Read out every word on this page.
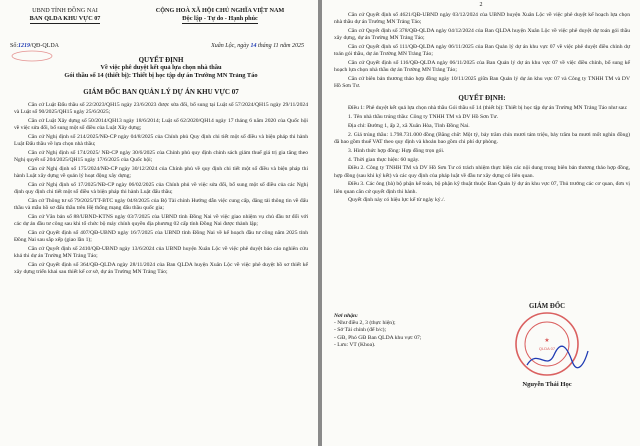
UBND TỈNH ĐỒNG NAI
BAN QLDA KHU VỰC 07
CỘNG HOÀ XÃ HỘI CHỦ NGHĨA VIỆT NAM
Độc lập - Tự do - Hạnh phúc
Số:1219/QĐ-QLDA	Xuân Lộc, ngày 14 tháng 11 năm 2025
QUYẾT ĐỊNH
Về việc phê duyệt kết quả lựa chọn nhà thầu
Gói thầu số 14 (thiết bị): Thiết bị học tập dự án Trường MN Trảng Táo
GIÁM ĐỐC BAN QUẢN LÝ DỰ ÁN KHU VỰC 07

Căn cứ Luật Đấu thầu số 22/2023/QH15 ngày 23/6/2023 được sửa đổi, bổ sung tại Luật số 57/2024/QH15 ngày 29/11/2024 và Luật số 90/2025/QH15 ngày 25/6/2025;

Căn cứ Luật Xây dựng số 50/2014/QH13 ngày 18/6/2014; Luật số 62/2020/QH14 ngày 17 tháng 6 năm 2020 của Quốc hội về việc sửa đổi, bổ sung một số điều của Luật Xây dựng;

Căn cứ Nghị định số 214/2025/NĐ-CP ngày 04/8/2025 của Chính phủ Quy định chi tiết một số điều và biện pháp thi hành Luật Đấu thầu về lựa chọn nhà thầu;

Căn cứ Nghị định số 174/2025/ NĐ-CP ngày 30/6/2025 của Chính phủ quy định chính sách giảm thuế giá trị gia tăng theo Nghị quyết số 204/2025/QH15 ngày 17/6/2025 của Quốc hội;

Căn cứ Nghị định số 175/2024/NĐ-CP ngày 30/12/2024 của Chính phủ về quy định chi tiết một số điều và biện pháp thi hành Luật xây dựng về quản lý hoạt động xây dựng;

Căn cứ Nghị định số 17/2025/NĐ-CP ngày 06/02/2025 của Chính phủ về việc sửa đổi, bổ sung một số điều của các Nghị định quy định chi tiết một số điều và biện pháp thi hành Luật đấu thầu;

Căn cứ Thông tư số 79/2025/TT-BTC ngày 04/8/2025 của Bộ Tài chính Hướng dẫn việc cung cấp, đăng tải thông tin về đấu thầu và mẫu hồ sơ đấu thầu trên Hệ thống mạng đấu thầu quốc gia;

Căn cứ Văn bản số 88/UBND-KTNS ngày 03/7/2025 của UBND tỉnh Đồng Nai về việc giao nhiệm vụ chủ đầu tư đối với các dự án đầu tư công sau khi tổ chức bộ máy chính quyền địa phương 02 cấp tỉnh Đồng Nai được thành lập;

Căn cứ Quyết định số 407/QĐ-UBND ngày 16/7/2025 của UBND tỉnh Đồng Nai về kế hoạch đầu tư công năm 2025 tỉnh Đồng Nai sau sắp xếp (giao lần 1);

Căn cứ Quyết định số 2410/QĐ-UBND ngày 13/6/2024 của UBND huyện Xuân Lộc về việc phê duyệt báo cáo nghiên cứu khả thi dự án Trường MN Trảng Táo;

Căn cứ Quyết định số 364/QĐ-QLDA ngày 28/11/2024 của Ban QLDA huyện Xuân Lộc về việc phê duyệt hồ sơ thiết kế xây dựng triển khai sau thiết kế cơ sở, dự án Trường MN Trảng Táo;

2

Căn cứ Quyết định số 4621/QĐ-UBND ngày 03/12/2024 của UBND huyện Xuân Lộc về việc phê duyệt kế hoạch lựa chọn nhà thầu dự án Trường MN Trảng Táo;

Căn cứ Quyết định số 378/QĐ-QLDA ngày 04/12/2024 của Ban QLDA huyện Xuân Lộc về việc phê duyệt dự toán gói thầu xây dựng, dự án Trường MN Trảng Táo;

Căn cứ Quyết định số 111/QĐ-QLDA ngày 06/11/2025 của Ban Quản lý dự án khu vực 07 về việc phê duyệt điều chỉnh dự toán gói thầu, dự án Trường MN Trảng Táo;

Căn cứ Quyết định số 116/QĐ-QLDA ngày 06/11/2025 của Ban Quản lý dự án khu vực 07 về việc điều chỉnh, bổ sung kế hoạch lựa chọn nhà thầu dự án Trường MN Trảng Táo;

Căn cứ biên bản thương thảo hợp đồng ngày 10/11/2025 giữa Ban Quản lý dự án khu vực 07 và Công ty TNHH TM và DV Hồ Sơn Tư.

QUYẾT ĐỊNH:

Điều 1: Phê duyệt kết quả lựa chọn nhà thầu Gói thầu số 14 (thiết bị): Thiết bị học tập dự án Trường MN Trảng Táo như sau:

1. Tên nhà thầu trúng thầu: Công ty TNHH TM và DV Hồ Sơn Tư.

Địa chỉ: Đường 1, ấp 2, xã Xuân Hòa, Tỉnh Đồng Nai.

2. Giá trúng thầu: 1.798.731.000 đồng (Bằng chữ: Một tỷ, bảy trăm chín mươi tám triệu, bảy trăm ba mươi mốt nghìn đồng) đã bao gồm thuế VAT theo quy định và khoản bao gồm chi phí dự phòng.

3. Hình thức hợp đồng: Hợp đồng trọn gói.

4. Thời gian thực hiện: 60 ngày.

Điều 2. Công ty TNHH TM và DV Hồ Sơn Tư có trách nhiệm thực hiện các nội dung trong biên bản thương thảo hợp đồng, hợp đồng (sau khi ký kết) và các quy định của pháp luật về đầu tư xây dựng có liên quan.

Điều 3. Các ông (bà) bộ phận kế toán, bộ phận kỹ thuật thuộc Ban Quản lý dự án khu vực 07, Thủ trưởng các cơ quan, đơn vị liên quan căn cứ quyết định thi hành.

Quyết định này có hiệu lực kể từ ngày ký./.

Nơi nhận:
- Như điều 2, 3 (thực hiện);
- Sở Tài chính (để b/c);
- GĐ, Phó GĐ Ban QLDA khu vực 07;
- Lưu: VT (Khoa).
GIÁM ĐỐC
★
QLDA 07
Nguyễn Thái Học
